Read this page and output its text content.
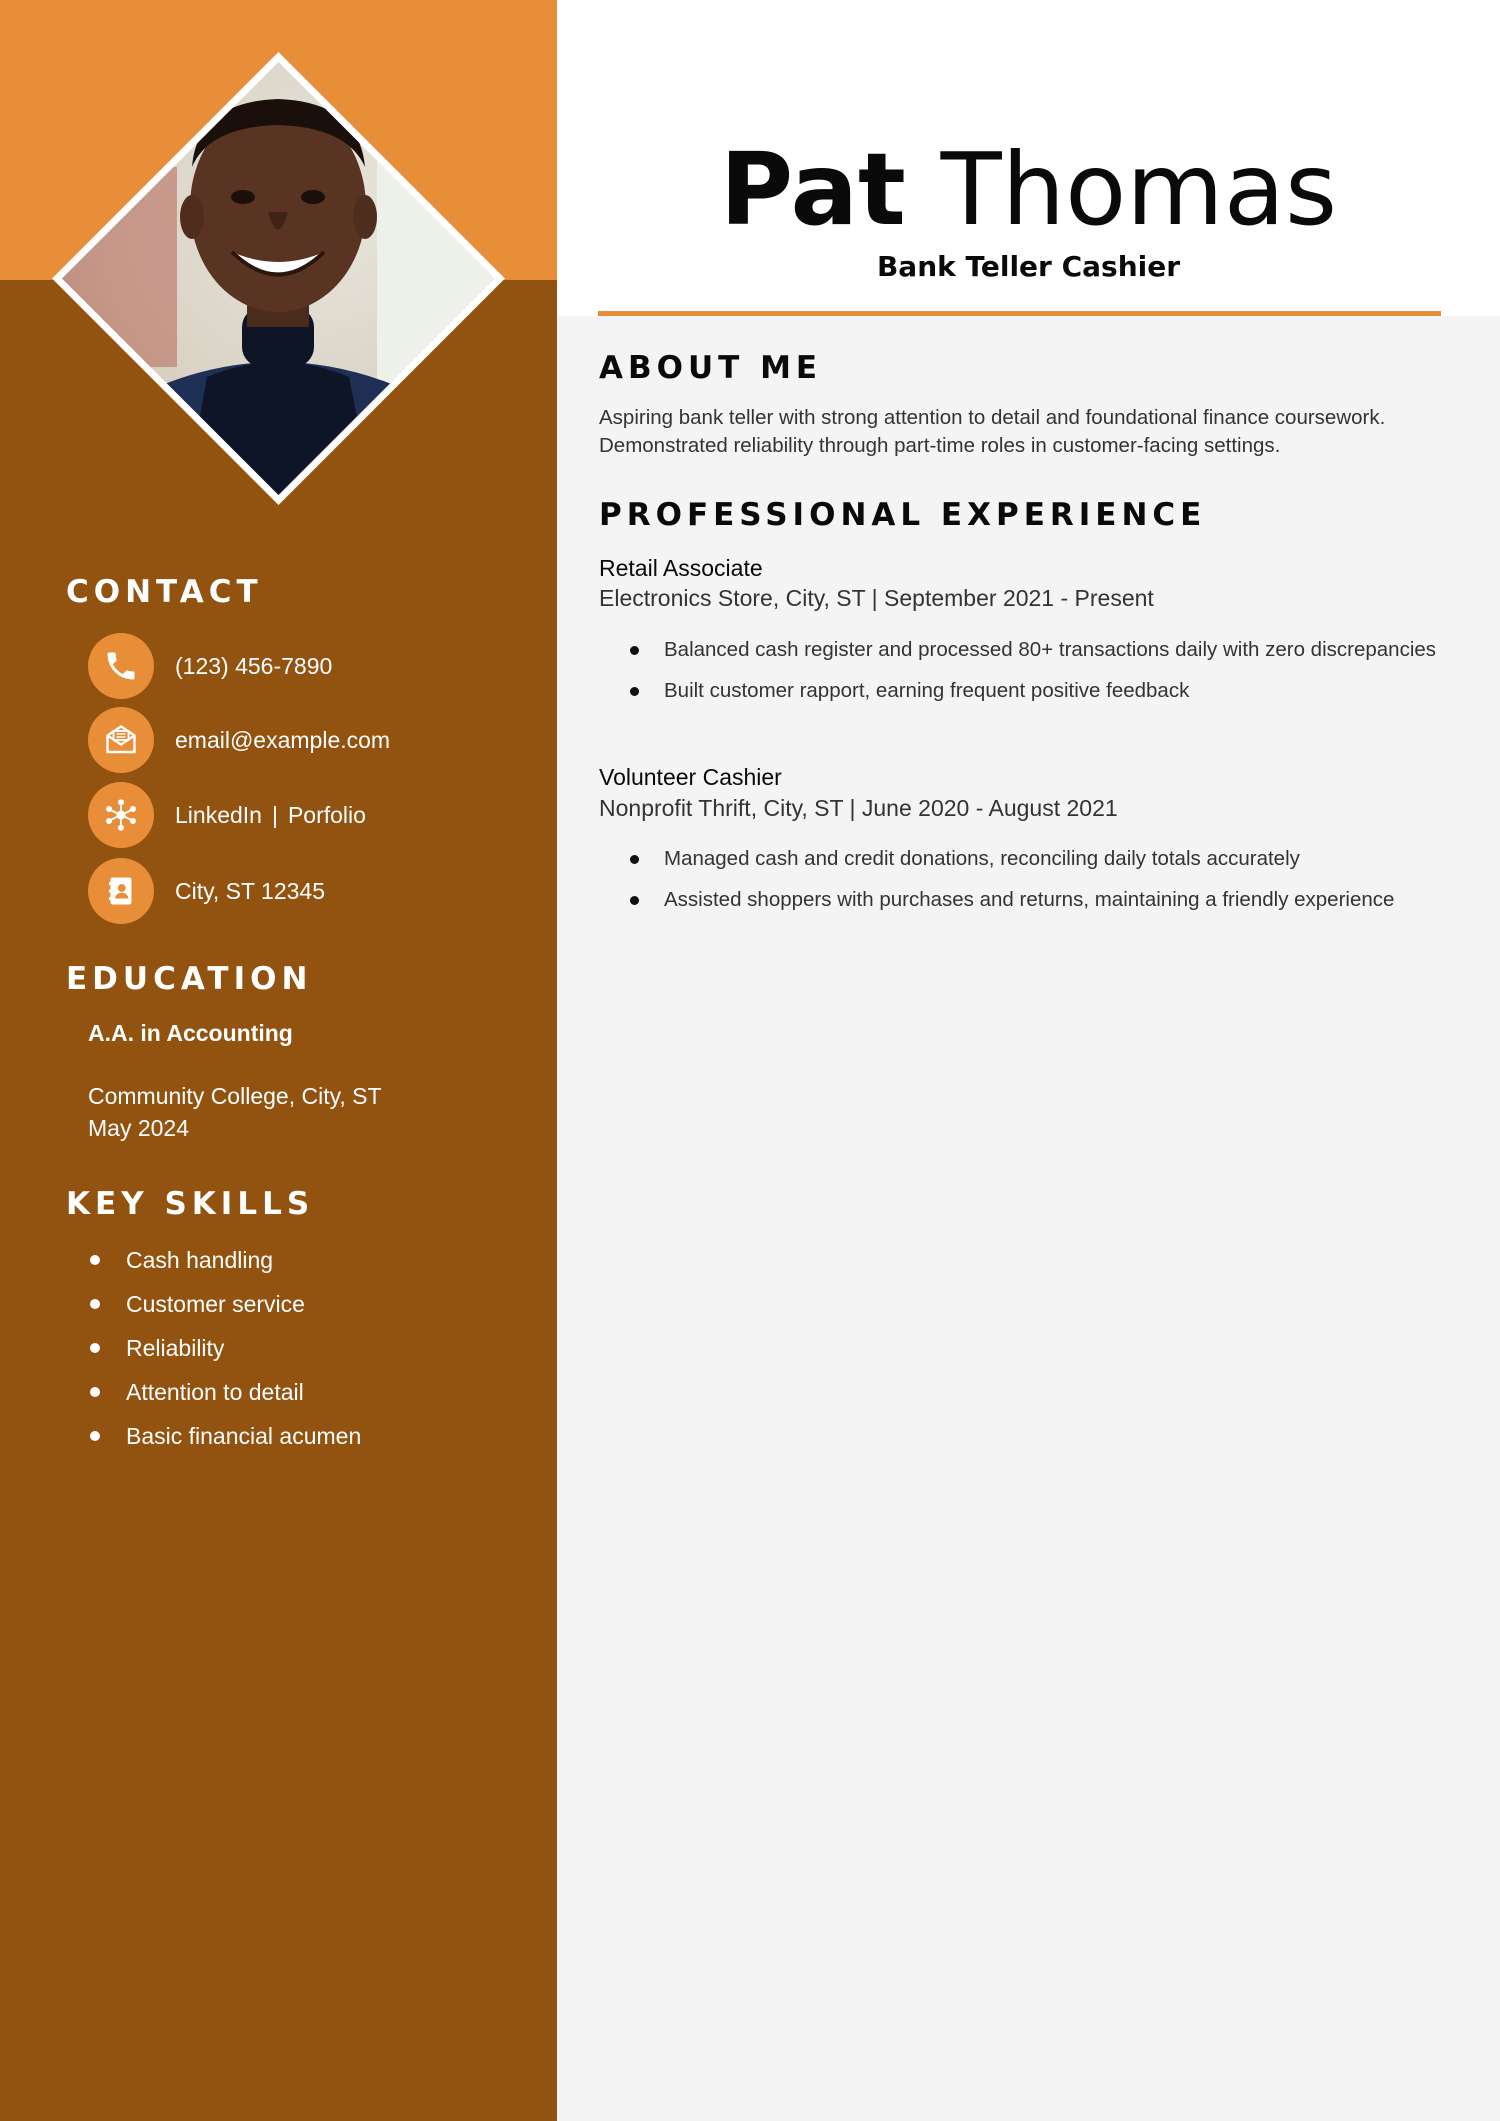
CONTACT
(123) 456-7890
email@example.com
LinkedIn | Porfolio
City, ST 12345
EDUCATION
A.A. in Accounting
Community College, City, ST
May 2024
KEY SKILLS
Cash handling
Customer service
Reliability
Attention to detail
Basic financial acumen
Pat Thomas
Bank Teller Cashier
ABOUT ME
Aspiring bank teller with strong attention to detail and foundational finance coursework. Demonstrated reliability through part-time roles in customer-facing settings.
PROFESSIONAL EXPERIENCE
Retail Associate
Electronics Store, City, ST | September 2021 - Present
Balanced cash register and processed 80+ transactions daily with zero discrepancies
Built customer rapport, earning frequent positive feedback
Volunteer Cashier
Nonprofit Thrift, City, ST | June 2020 - August 2021
Managed cash and credit donations, reconciling daily totals accurately
Assisted shoppers with purchases and returns, maintaining a friendly experience
